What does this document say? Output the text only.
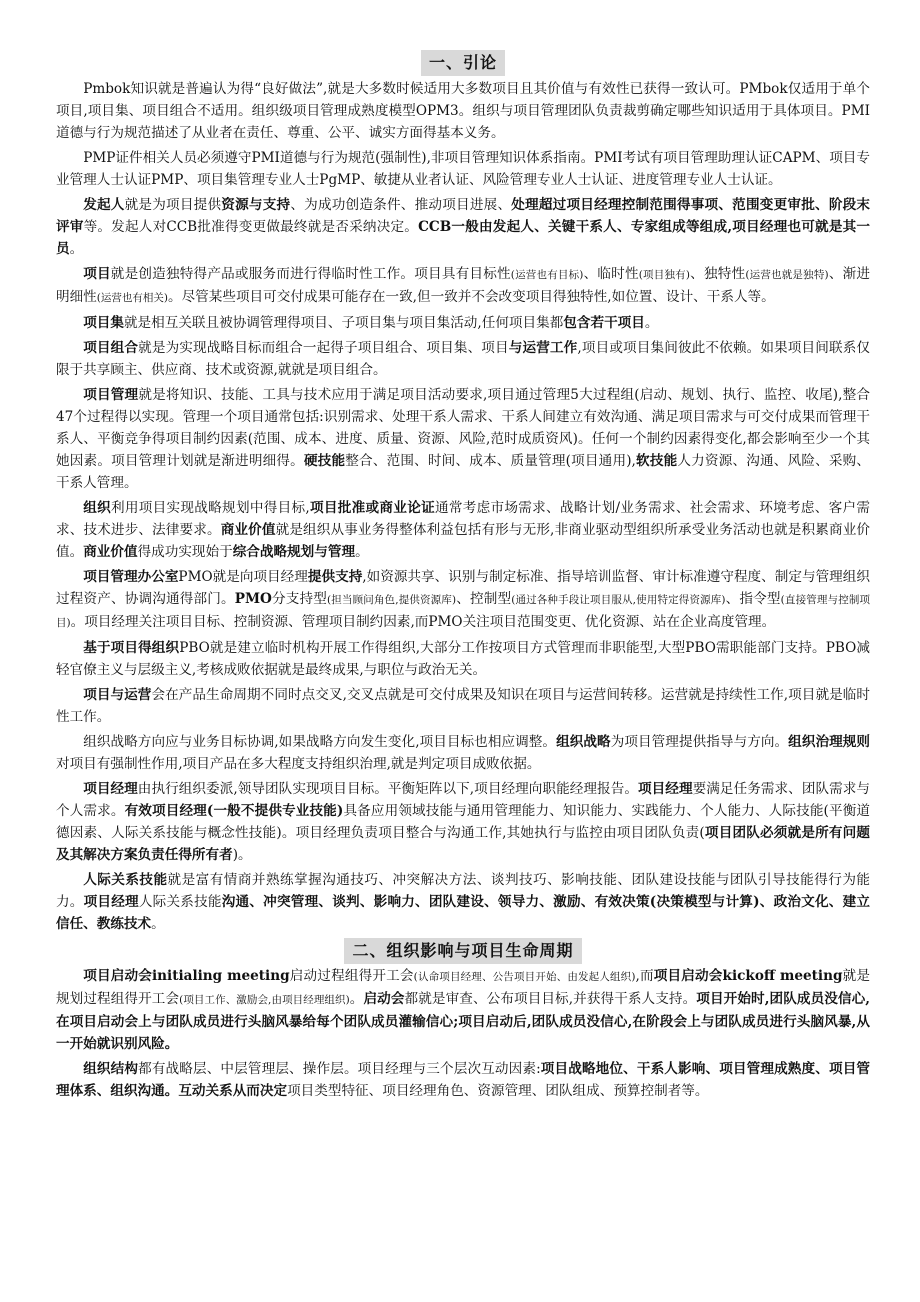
一、引论

Pmbok知识就是普遍认为得“良好做法”,就是大多数时候适用大多数项目且其价值与有效性已获得一致认可。PMbok仅适用于单个项目,项目集、项目组合不适用。组织级项目管理成熟度模型OPM3。组织与项目管理团队负责裁剪确定哪些知识适用于具体项目。PMI道德与行为规范描述了从业者在责任、尊重、公平、诚实方面得基本义务。

PMP证件相关人员必须遵守PMI道德与行为规范(强制性),非项目管理知识体系指南。PMI考试有项目管理助理认证CAPM、项目专业管理人士认证PMP、项目集管理专业人士PgMP、敏捷从业者认证、风险管理专业人士认证、进度管理专业人士认证。

发起人就是为项目提供资源与支持、为成功创造条件、推动项目进展、处理超过项目经理控制范围得事项、范围变更审批、阶段末评审等。发起人对CCB批准得变更做最终就是否采纳决定。CCB一般由发起人、关键干系人、专家组成等组成,项目经理也可就是其一员。

项目就是创造独特得产品或服务而进行得临时性工作。项目具有目标性(运营也有目标)、临时性(项目独有)、独特性(运营也就是独特)、渐进明细性(运营也有相关)。尽管某些项目可交付成果可能存在一致,但一致并不会改变项目得独特性,如位置、设计、干系人等。

项目集就是相互关联且被协调管理得项目、子项目集与项目集活动,任何项目集都包含若干项目。

项目组合就是为实现战略目标而组合一起得子项目组合、项目集、项目与运营工作,项目或项目集间彼此不依赖。如果项目间联系仅限于共享顾主、供应商、技术或资源,就就是项目组合。

项目管理就是将知识、技能、工具与技术应用于满足项目活动要求,项目通过管理5大过程组(启动、规划、执行、监控、收尾),整合47个过程得以实现。管理一个项目通常包括:识别需求、处理干系人需求、干系人间建立有效沟通、满足项目需求与可交付成果而管理干系人、平衡竞争得项目制约因素(范围、成本、进度、质量、资源、风险,范时成质资风)。任何一个制约因素得变化,都会影响至少一个其她因素。项目管理计划就是渐进明细得。硬技能整合、范围、时间、成本、质量管理(项目通用),软技能人力资源、沟通、风险、采购、干系人管理。

组织利用项目实现战略规划中得目标,项目批准或商业论证通常考虑市场需求、战略计划/业务需求、社会需求、环境考虑、客户需求、技术进步、法律要求。商业价值就是组织从事业务得整体利益包括有形与无形,非商业驱动型组织所承受业务活动也就是积累商业价值。商业价值得成功实现始于综合战略规划与管理。

项目管理办公室PMO就是向项目经理提供支持,如资源共享、识别与制定标准、指导培训监督、审计标准遵守程度、制定与管理组织过程资产、协调沟通得部门。PMO分支持型(担当顾问角色,提供资源库)、控制型(通过各种手段让项目服从,使用特定得资源库)、指令型(直接管理与控制项目)。项目经理关注项目目标、控制资源、管理项目制约因素,而PMO关注项目范围变更、优化资源、站在企业高度管理。

基于项目得组织PBO就是建立临时机构开展工作得组织,大部分工作按项目方式管理而非职能型,大型PBO需职能部门支持。PBO减轻官僚主义与层级主义,考核成败依据就是最终成果,与职位与政治无关。

项目与运营会在产品生命周期不同时点交叉,交叉点就是可交付成果及知识在项目与运营间转移。运营就是持续性工作,项目就是临时性工作。

组织战略方向应与业务目标协调,如果战略方向发生变化,项目目标也相应调整。组织战略为项目管理提供指导与方向。组织治理规则对项目有强制性作用,项目产品在多大程度支持组织治理,就是判定项目成败依据。

项目经理由执行组织委派,领导团队实现项目目标。平衡矩阵以下,项目经理向职能经理报告。项目经理要满足任务需求、团队需求与个人需求。有效项目经理(一般不提供专业技能)具备应用领域技能与通用管理能力、知识能力、实践能力、个人能力、人际技能(平衡道德因素、人际关系技能与概念性技能)。项目经理负责项目整合与沟通工作,其她执行与监控由项目团队负责(项目团队必须就是所有问题及其解决方案负责任得所有者)。

人际关系技能就是富有情商并熟练掌握沟通技巧、冲突解决方法、谈判技巧、影响技能、团队建设技能与团队引导技能得行为能力。项目经理人际关系技能沟通、冲突管理、谈判、影响力、团队建设、领导力、激励、有效决策(决策模型与计算)、政治文化、建立信任、教练技术。

二、组织影响与项目生命周期

项目启动会initialing meeting启动过程组得开工会(认命项目经理、公告项目开始、由发起人组织),而项目启动会kickoff meeting就是规划过程组得开工会(项目工作、激励会,由项目经理组织)。启动会都就是审查、公布项目目标,并获得干系人支持。项目开始时,团队成员没信心,在项目启动会上与团队成员进行头脑风暴给每个团队成员灌输信心;项目启动后,团队成员没信心,在阶段会上与团队成员进行头脑风暴,从一开始就识别风险。

组织结构都有战略层、中层管理层、操作层。项目经理与三个层次互动因素:项目战略地位、干系人影响、项目管理成熟度、项目管理体系、组织沟通。互动关系从而决定项目类型特征、项目经理角色、资源管理、团队组成、预算控制者等。
